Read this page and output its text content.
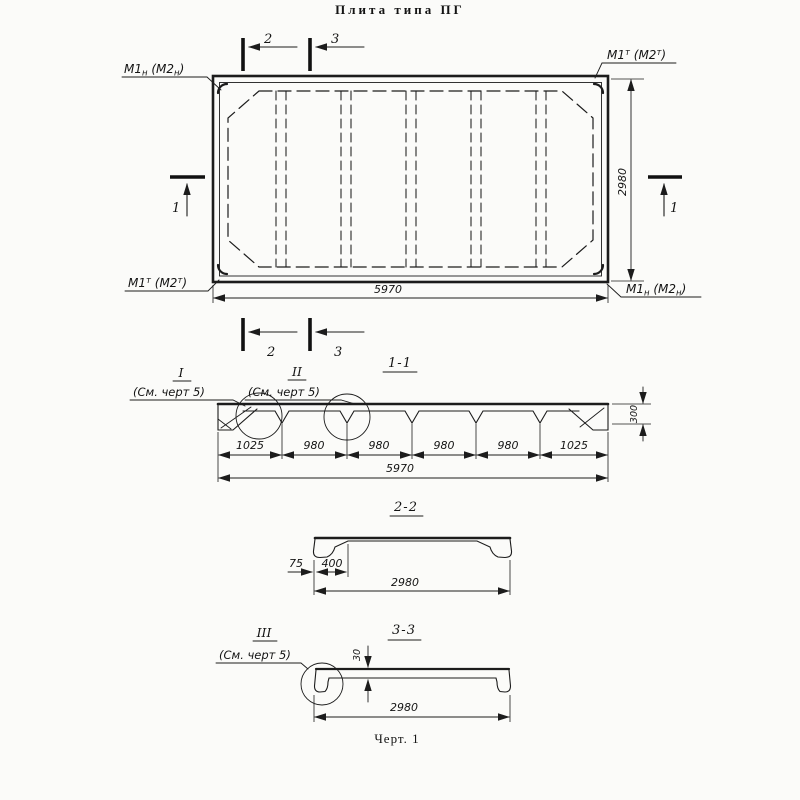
Плита типа ПГ
2	3
2	3
1	1
$М1_н$ $(М2_н)$
$М1^т$ $(М2^т)$
$М1^т$ $(М2^т)$	$М1_н$ $(М2_н)$
5970
2980
1-1
I
(См. черт 5)
II
(См. черт 5)
300
1025	980	980	980	980	1025
5970
2-2
75 400
2980
III
(См. черт 5)
3-3
30
2980
Черт. 1
